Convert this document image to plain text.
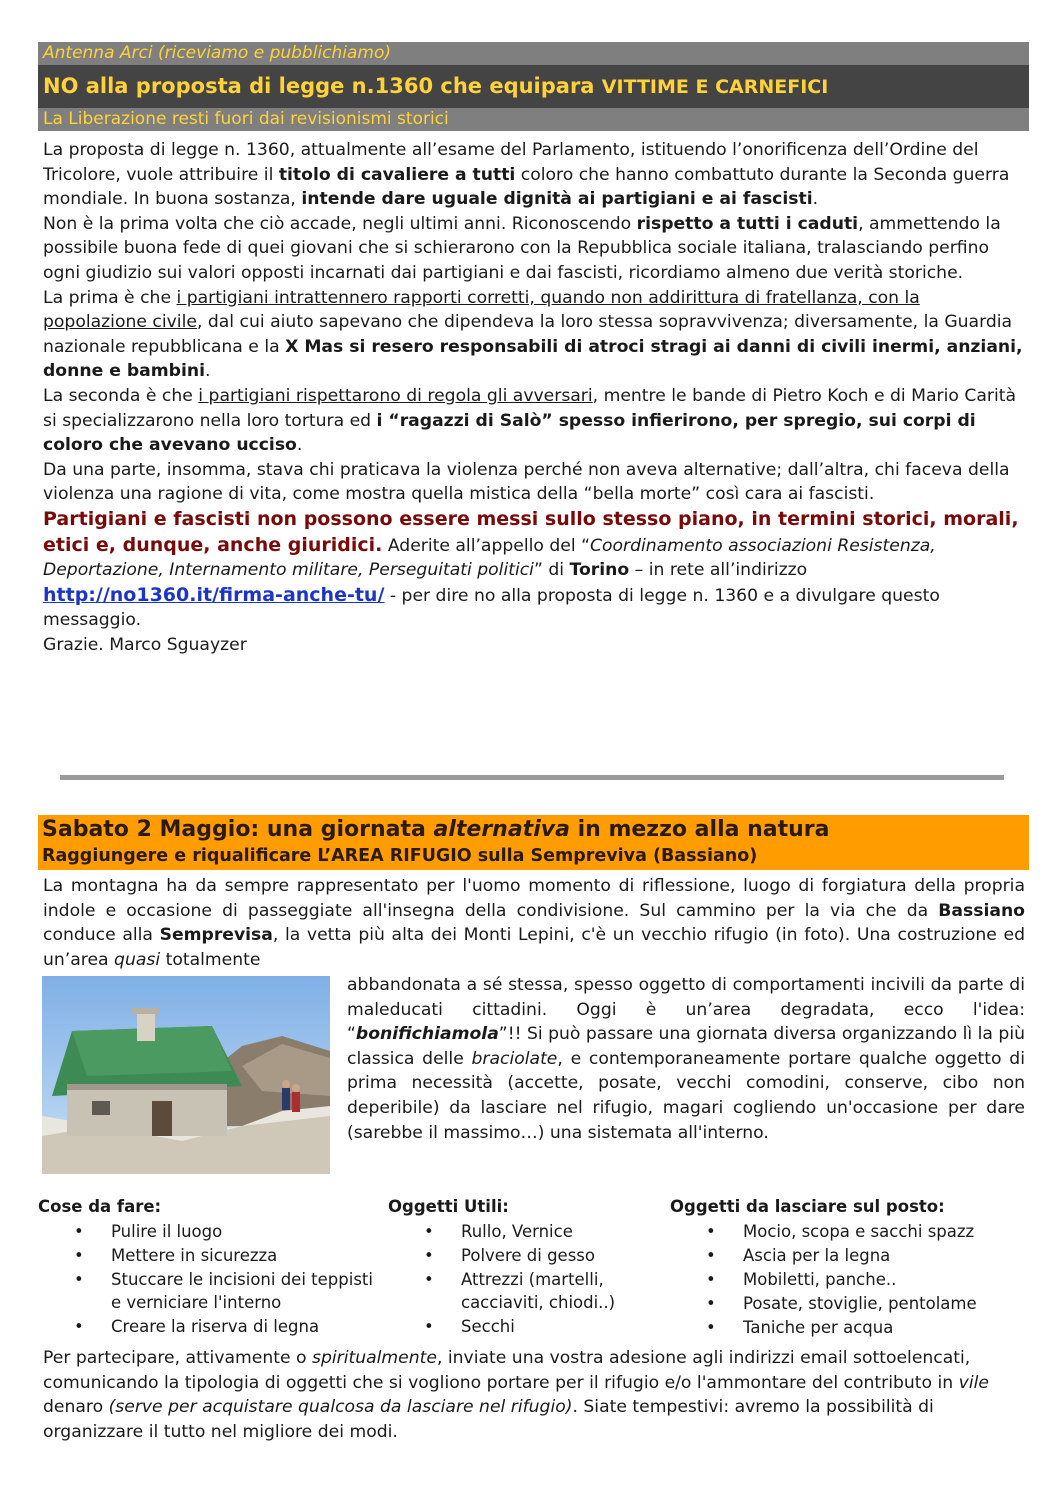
Antenna Arci (riceviamo e pubblichiamo)
NO alla proposta di legge n.1360 che equipara VITTIME E CARNEFICI
La Liberazione resti fuori dai revisionismi storici

La proposta di legge n. 1360, attualmente all’esame del Parlamento, istituendo l’onorificenza dell’Ordine del Tricolore, vuole attribuire il titolo di cavaliere a tutti coloro che hanno combattuto durante la Seconda guerra mondiale. In buona sostanza, intende dare uguale dignità ai partigiani e ai fascisti.

Non è la prima volta che ciò accade, negli ultimi anni. Riconoscendo rispetto a tutti i caduti, ammettendo la possibile buona fede di quei giovani che si schierarono con la Repubblica sociale italiana, tralasciando perfino ogni giudizio sui valori opposti incarnati dai partigiani e dai fascisti, ricordiamo almeno due verità storiche.

La prima è che i partigiani intrattennero rapporti corretti, quando non addirittura di fratellanza, con la popolazione civile, dal cui aiuto sapevano che dipendeva la loro stessa sopravvivenza; diversamente, la Guardia nazionale repubblicana e la X Mas si resero responsabili di atroci stragi ai danni di civili inermi, anziani, donne e bambini.

La seconda è che i partigiani rispettarono di regola gli avversari, mentre le bande di Pietro Koch e di Mario Carità si specializzarono nella loro tortura ed i “ragazzi di Salò” spesso infierirono, per spregio, sui corpi di coloro che avevano ucciso.

Da una parte, insomma, stava chi praticava la violenza perché non aveva alternative; dall’altra, chi faceva della violenza una ragione di vita, come mostra quella mistica della “bella morte” così cara ai fascisti.

Partigiani e fascisti non possono essere messi sullo stesso piano, in termini storici, morali, etici e, dunque, anche giuridici. Aderite all’appello del “Coordinamento associazioni Resistenza, Deportazione, Internamento militare, Perseguitati politici” di Torino – in rete all’indirizzo http://no1360.it/firma-anche-tu/ - per dire no alla proposta di legge n. 1360 e a divulgare questo messaggio.

Grazie. Marco Sguayzer

Sabato 2 Maggio: una giornata alternativa in mezzo alla natura
Raggiungere e riqualificare L’AREA RIFUGIO sulla Sempreviva (Bassiano)
La montagna ha da sempre rappresentato per l'uomo momento di riflessione, luogo di forgiatura della propria indole e occasione di passeggiate all'insegna della condivisione. Sul cammino per la via che da Bassiano conduce alla Semprevisa, la vetta più alta dei Monti Lepini, c'è un vecchio rifugio (in foto). Una costruzione ed un’area quasi totalmente
abbandonata a sé stessa, spesso oggetto di comportamenti incivili da parte di maleducati cittadini. Oggi è un’area degradata, ecco l'idea: “bonifichiamola”!! Si può passare una giornata diversa organizzando lì la più classica delle braciolate, e contemporaneamente portare qualche oggetto di prima necessità (accette, posate, vecchi comodini, conserve, cibo non deperibile) da lasciare nel rifugio, magari cogliendo un'occasione per dare (sarebbe il massimo…) una sistemata all'interno.
Cose da fare:
• Pulire il luogo
• Mettere in sicurezza
• Stuccare le incisioni dei teppisti e verniciare l'interno
• Creare la riserva di legna
Oggetti Utili:
• Rullo, Vernice
• Polvere di gesso
• Attrezzi (martelli, cacciaviti, chiodi..)
• Secchi
Oggetti da lasciare sul posto:
• Mocio, scopa e sacchi spazz
• Ascia per la legna
• Mobiletti, panche..
• Posate, stoviglie, pentolame
• Taniche per acqua
Per partecipare, attivamente o spiritualmente, inviate una vostra adesione agli indirizzi email sottoelencati, comunicando la tipologia di oggetti che si vogliono portare per il rifugio e/o l'ammontare del contributo in vile denaro (serve per acquistare qualcosa da lasciare nel rifugio). Siate tempestivi: avremo la possibilità di organizzare il tutto nel migliore dei modi.
